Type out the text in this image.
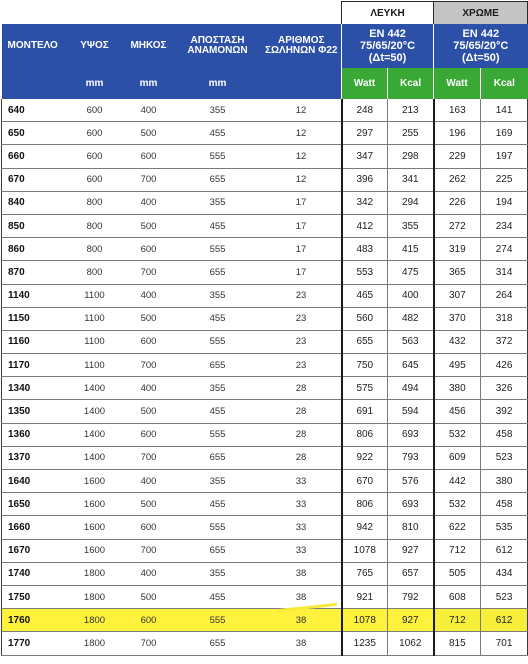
					ΛΕΥΚΗ		ΧΡΩΜΕ	
ΜΟΝΤΕΛΟ	ΥΨΟΣ	ΜΗΚΟΣ	ΑΠΟΣΤΑΣΗ ΑΝΑΜΟΝΩΝ	ΑΡΙΘΜΟΣ ΣΩΛΗΝΩΝ Φ22	EN 442 75/65/20°C (Δt=50)		EN 442 75/65/20°C (Δt=50)	
	mm	mm	mm		Watt	Kcal	Watt	Kcal
640	600	400	355	12	248	213	163	141
650	600	500	455	12	297	255	196	169
660	600	600	555	12	347	298	229	197
670	600	700	655	12	396	341	262	225
840	800	400	355	17	342	294	226	194
850	800	500	455	17	412	355	272	234
860	800	600	555	17	483	415	319	274
870	800	700	655	17	553	475	365	314
1140	1100	400	355	23	465	400	307	264
1150	1100	500	455	23	560	482	370	318
1160	1100	600	555	23	655	563	432	372
1170	1100	700	655	23	750	645	495	426
1340	1400	400	355	28	575	494	380	326
1350	1400	500	455	28	691	594	456	392
1360	1400	600	555	28	806	693	532	458
1370	1400	700	655	28	922	793	609	523
1640	1600	400	355	33	670	576	442	380
1650	1600	500	455	33	806	693	532	458
1660	1600	600	555	33	942	810	622	535
1670	1600	700	655	33	1078	927	712	612
1740	1800	400	355	38	765	657	505	434
1750	1800	500	455	38	921	792	608	523
1760	1800	600	555	38	1078	927	712	612
1770	1800	700	655	38	1235	1062	815	701
